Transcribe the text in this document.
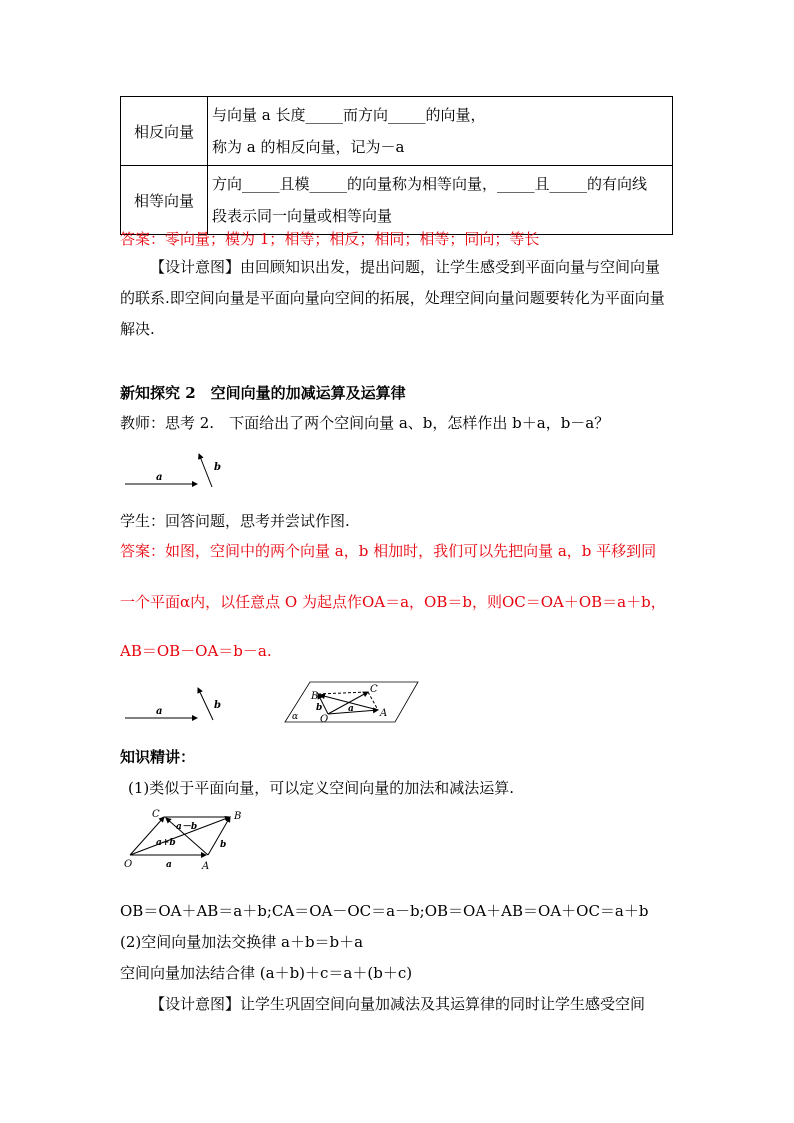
相反向量	与向量 a 长度_____而方向_____的向量，
称为 a 的相反向量，记为－a

相等向量	方向_____且模_____的向量称为相等向量，_____且_____的有向线
段表示同一向量或相等向量
答案：零向量；模为 1；相等；相反；相同；相等；同向；等长
【设计意图】由回顾知识出发，提出问题，让学生感受到平面向量与空间向量的联系.即空间向量是平面向量向空间的拓展，处理空间向量问题要转化为平面向量解决.
新知探究 2　空间向量的加减运算及运算律
教师：思考 2.　下面给出了两个空间向量 a、b，怎样作出 b＋a，b－a？
a
b
学生：回答问题，思考并尝试作图.
答案：如图，空间中的两个向量 a，b 相加时，我们可以先把向量 a，b 平移到同
一个平面α内，以任意点 O 为起点作OA＝a，OB＝b，则OC＝OA＋OB＝a＋b，
AB＝OB－OA＝b－a.
a
b
B
C
O
A
a
b
α
知识精讲：
(1)类似于平面向量，可以定义空间向量的加法和减法运算.
O	A
B
C
a
b
a+b
a－b
OB＝OA＋AB＝a＋b;CA＝OA－OC＝a－b;OB＝OA＋AB＝OA＋OC＝a＋b
(2)空间向量加法交换律 a＋b＝b＋a
空间向量加法结合律 (a＋b)＋c＝a＋(b＋c)
【设计意图】让学生巩固空间向量加减法及其运算律的同时让学生感受空间
